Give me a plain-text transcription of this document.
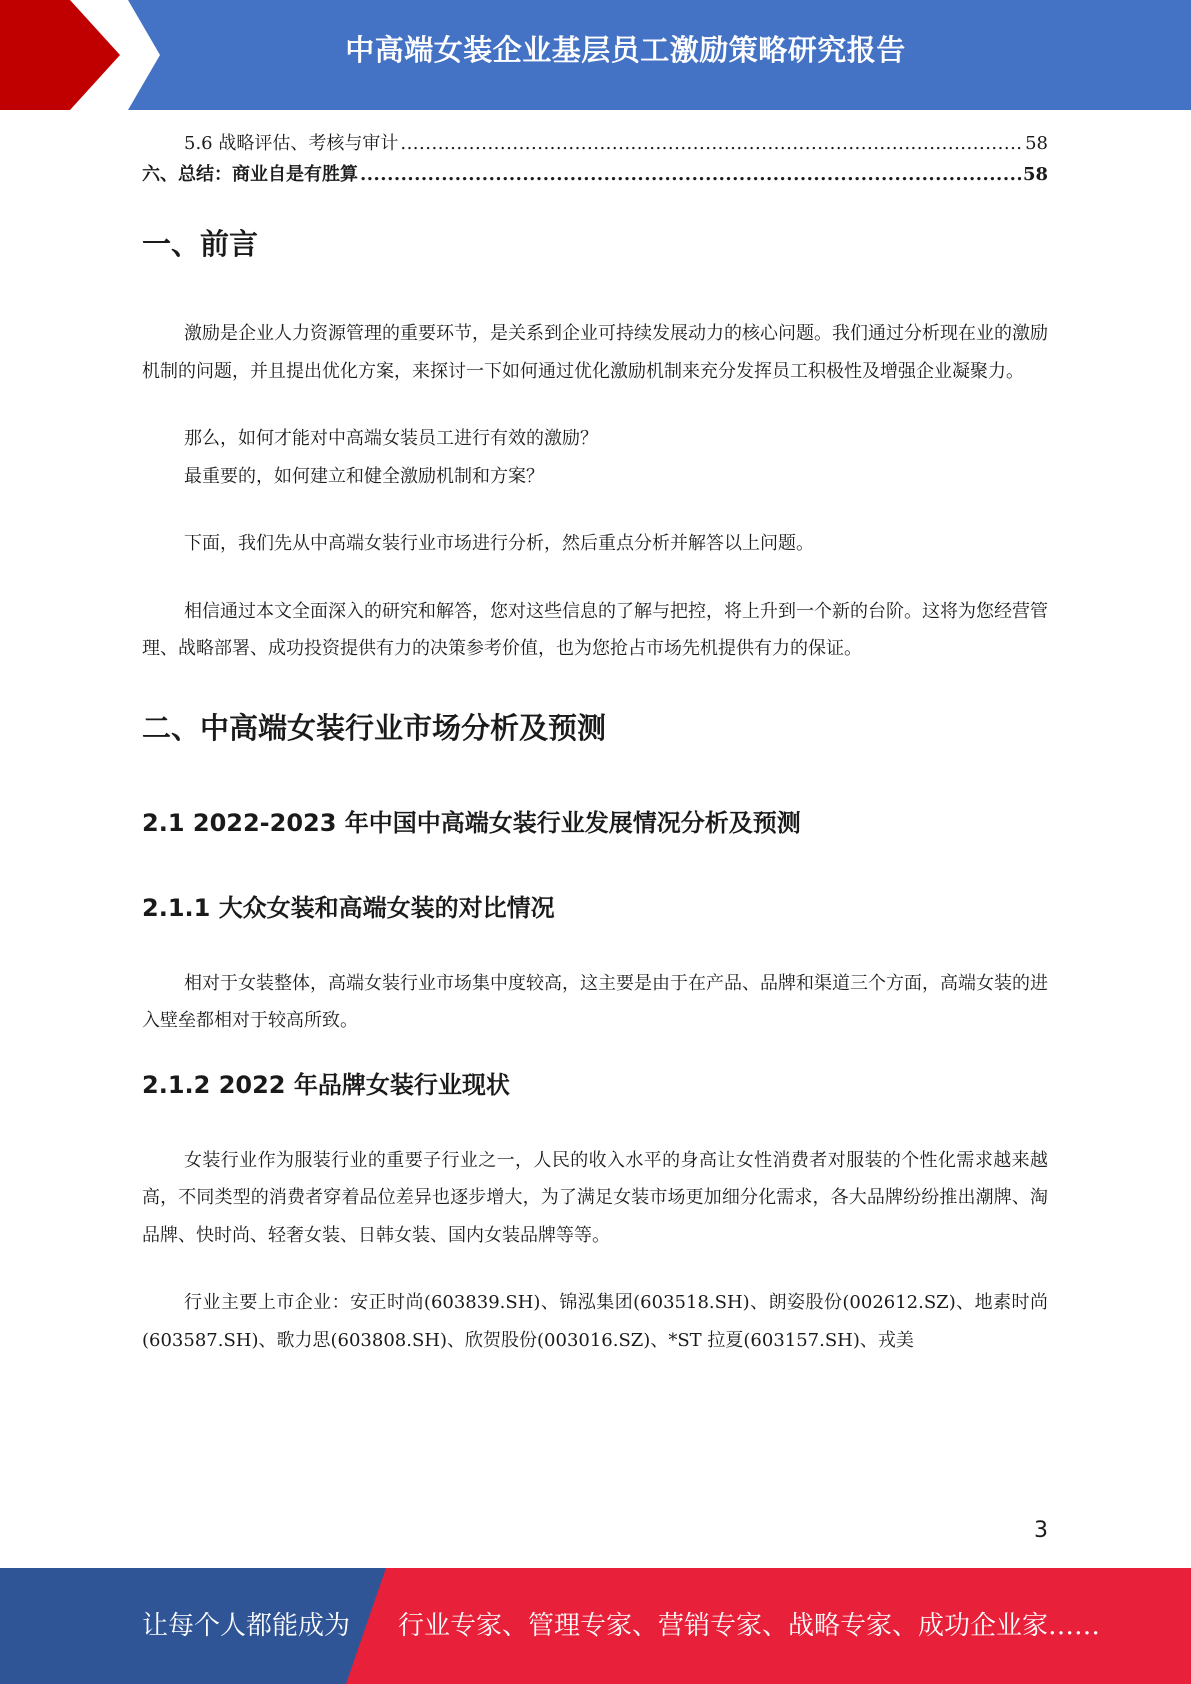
中高端女装企业基层员工激励策略研究报告
5.6 战略评估、考核与审计 .....	58
六、总结：商业自是有胜算 .....	58
一、前言

激励是企业人力资源管理的重要环节，是关系到企业可持续发展动力的核心问题。我们通过分析现在业的激励机制的问题，并且提出优化方案，来探讨一下如何通过优化激励机制来充分发挥员工积极性及增强企业凝聚力。

那么，如何才能对中高端女装员工进行有效的激励？

最重要的，如何建立和健全激励机制和方案？

下面，我们先从中高端女装行业市场进行分析，然后重点分析并解答以上问题。

相信通过本文全面深入的研究和解答，您对这些信息的了解与把控，将上升到一个新的台阶。这将为您经营管理、战略部署、成功投资提供有力的决策参考价值，也为您抢占市场先机提供有力的保证。

二、中高端女装行业市场分析及预测
2.1 2022-2023 年中国中高端女装行业发展情况分析及预测
2.1.1 大众女装和高端女装的对比情况

相对于女装整体，高端女装行业市场集中度较高，这主要是由于在产品、品牌和渠道三个方面，高端女装的进入壁垒都相对于较高所致。

2.1.2 2022 年品牌女装行业现状

女装行业作为服装行业的重要子行业之一，人民的收入水平的身高让女性消费者对服装的个性化需求越来越高，不同类型的消费者穿着品位差异也逐步增大，为了满足女装市场更加细分化需求，各大品牌纷纷推出潮牌、淘品牌、快时尚、轻奢女装、日韩女装、国内女装品牌等等。

行业主要上市企业：安正时尚(603839.SH)、锦泓集团(603518.SH)、朗姿股份(002612.SZ)、地素时尚(603587.SH)、歌力思(603808.SH)、欣贺股份(003016.SZ)、*ST 拉夏(603157.SH)、戎美

3
让每个人都能成为 行业专家、管理专家、营销专家、战略专家、成功企业家……
